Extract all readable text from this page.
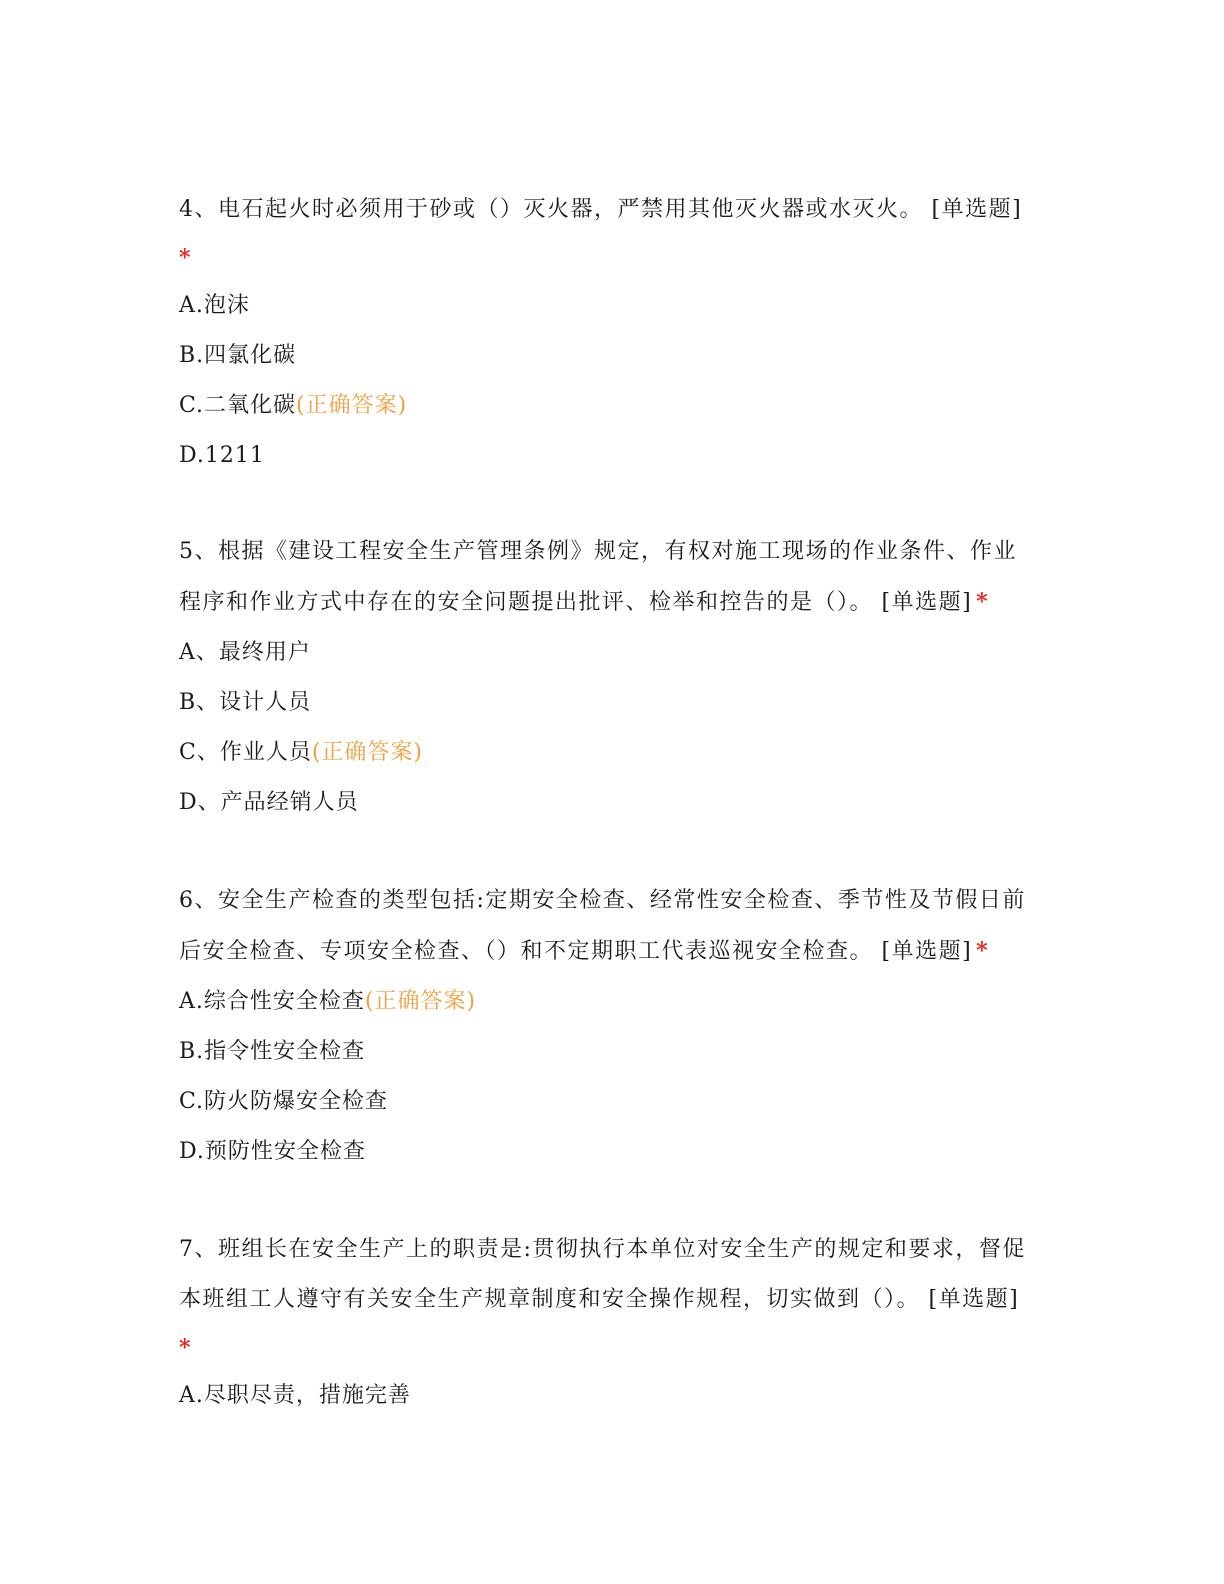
4、电石起火时必须用于砂或（）灭火器，严禁用其他灭火器或水灭火。 [单选题]
*

A.泡沫

B.四氯化碳

C.二氧化碳(正确答案)

D.1211

5、根据《建设工程安全生产管理条例》规定，有权对施工现场的作业条件、作业程序和作业方式中存在的安全问题提出批评、检举和控告的是（）。 [单选题] *

A、最终用户

B、设计人员

C、作业人员(正确答案)

D、产品经销人员

6、安全生产检查的类型包括:定期安全检查、经常性安全检查、季节性及节假日前后安全检查、专项安全检查、（）和不定期职工代表巡视安全检查。 [单选题] *

A.综合性安全检查(正确答案)

B.指令性安全检查

C.防火防爆安全检查

D.预防性安全检查

7、班组长在安全生产上的职责是:贯彻执行本单位对安全生产的规定和要求，督促本班组工人遵守有关安全生产规章制度和安全操作规程，切实做到（）。 [单选题]
*

A.尽职尽责，措施完善
